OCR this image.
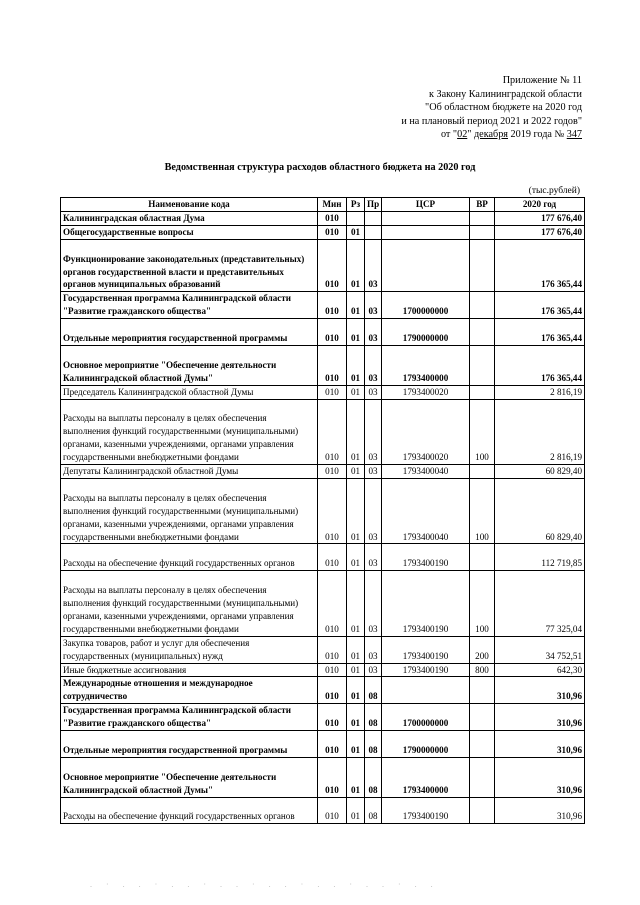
Приложение № 11
к Закону Калининградской области
"Об областном бюджете на 2020 год
и на плановый период 2021 и 2022 годов"
от "02" декабря 2019 года № 347
Ведомственная структура расходов областного бюджета на 2020 год
(тыс.рублей)
Наименование кода	Мин	Рз	Пр	ЦСР	ВР	2020 год
Калининградская областная Дума	010					177 676,40
Общегосударственные вопросы	010	01				177 676,40
Функционирование законодательных (представительных) органов государственной власти и представительных органов муниципальных образований	010	01	03			176 365,44
Государственная программа Калининградской области "Развитие гражданского общества"	010	01	03	1700000000		176 365,44
Отдельные мероприятия государственной программы	010	01	03	1790000000		176 365,44
Основное мероприятие "Обеспечение деятельности Калининградской областной Думы"	010	01	03	1793400000		176 365,44
Председатель Калининградской областной Думы	010	01	03	1793400020		2 816,19
Расходы на выплаты персоналу в целях обеспечения выполнения функций государственными (муниципальными) органами, казенными учреждениями, органами управления государственными внебюджетными фондами	010	01	03	1793400020	100	2 816,19
Депутаты Калининградской областной Думы	010	01	03	1793400040		60 829,40
Расходы на выплаты персоналу в целях обеспечения выполнения функций государственными (муниципальными) органами, казенными учреждениями, органами управления государственными внебюджетными фондами	010	01	03	1793400040	100	60 829,40
Расходы на обеспечение функций государственных органов	010	01	03	1793400190		112 719,85
Расходы на выплаты персоналу в целях обеспечения выполнения функций государственными (муниципальными) органами, казенными учреждениями, органами управления государственными внебюджетными фондами	010	01	03	1793400190	100	77 325,04
Закупка товаров, работ и услуг для обеспечения государственных (муниципальных) нужд	010	01	03	1793400190	200	34 752,51
Иные бюджетные ассигнования	010	01	03	1793400190	800	642,30
Международные отношения и международное сотрудничество	010	01	08			310,96
Государственная программа Калининградской области "Развитие гражданского общества"	010	01	08	1700000000		310,96
Отдельные мероприятия государственной программы	010	01	08	1790000000		310,96
Основное мероприятие "Обеспечение деятельности Калининградской областной Думы"	010	01	08	1793400000		310,96
Расходы на обеспечение функций государственных органов	010	01	08	1793400190		310,96
. · . . · . . · . . · . . · . . · . . · . .
